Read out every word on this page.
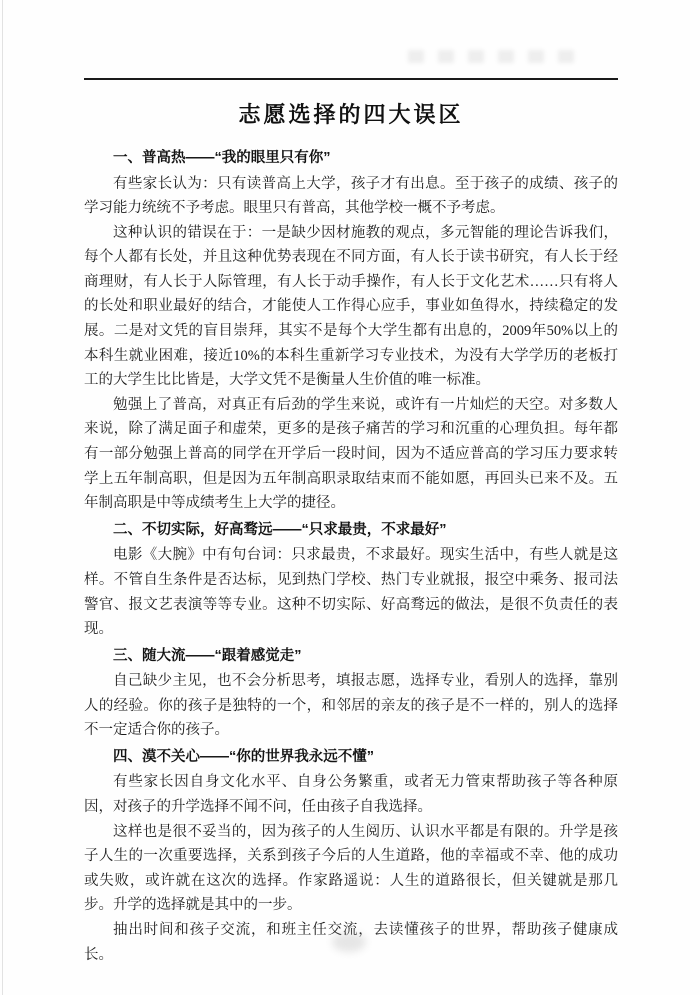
志愿选择的四大误区
一、普高热——“我的眼里只有你”

有些家长认为：只有读普高上大学，孩子才有出息。至于孩子的成绩、孩子的学习能力统统不予考虑。眼里只有普高，其他学校一概不予考虑。

这种认识的错误在于：一是缺少因材施教的观点，多元智能的理论告诉我们，每个人都有长处，并且这种优势表现在不同方面，有人长于读书研究，有人长于经商理财，有人长于人际管理，有人长于动手操作，有人长于文化艺术……只有将人的长处和职业最好的结合，才能使人工作得心应手，事业如鱼得水，持续稳定的发展。二是对文凭的盲目崇拜，其实不是每个大学生都有出息的，2009年50%以上的本科生就业困难，接近10%的本科生重新学习专业技术，为没有大学学历的老板打工的大学生比比皆是，大学文凭不是衡量人生价值的唯一标准。

勉强上了普高，对真正有后劲的学生来说，或许有一片灿烂的天空。对多数人来说，除了满足面子和虚荣，更多的是孩子痛苦的学习和沉重的心理负担。每年都有一部分勉强上普高的同学在开学后一段时间，因为不适应普高的学习压力要求转学上五年制高职，但是因为五年制高职录取结束而不能如愿，再回头已来不及。五年制高职是中等成绩考生上大学的捷径。

二、不切实际，好高骛远——“只求最贵，不求最好”

电影《大腕》中有句台词：只求最贵，不求最好。现实生活中，有些人就是这样。不管自生条件是否达标，见到热门学校、热门专业就报，报空中乘务、报司法警官、报文艺表演等等专业。这种不切实际、好高骛远的做法，是很不负责任的表现。

三、随大流——“跟着感觉走”

自己缺少主见，也不会分析思考，填报志愿，选择专业，看别人的选择，靠别人的经验。你的孩子是独特的一个，和邻居的亲友的孩子是不一样的，别人的选择不一定适合你的孩子。

四、漠不关心——“你的世界我永远不懂”

有些家长因自身文化水平、自身公务繁重，或者无力管束帮助孩子等各种原因，对孩子的升学选择不闻不问，任由孩子自我选择。

这样也是很不妥当的，因为孩子的人生阅历、认识水平都是有限的。升学是孩子人生的一次重要选择，关系到孩子今后的人生道路，他的幸福或不幸、他的成功或失败，或许就在这次的选择。作家路遥说：人生的道路很长，但关键就是那几步。升学的选择就是其中的一步。

抽出时间和孩子交流，和班主任交流，去读懂孩子的世界，帮助孩子健康成长。
